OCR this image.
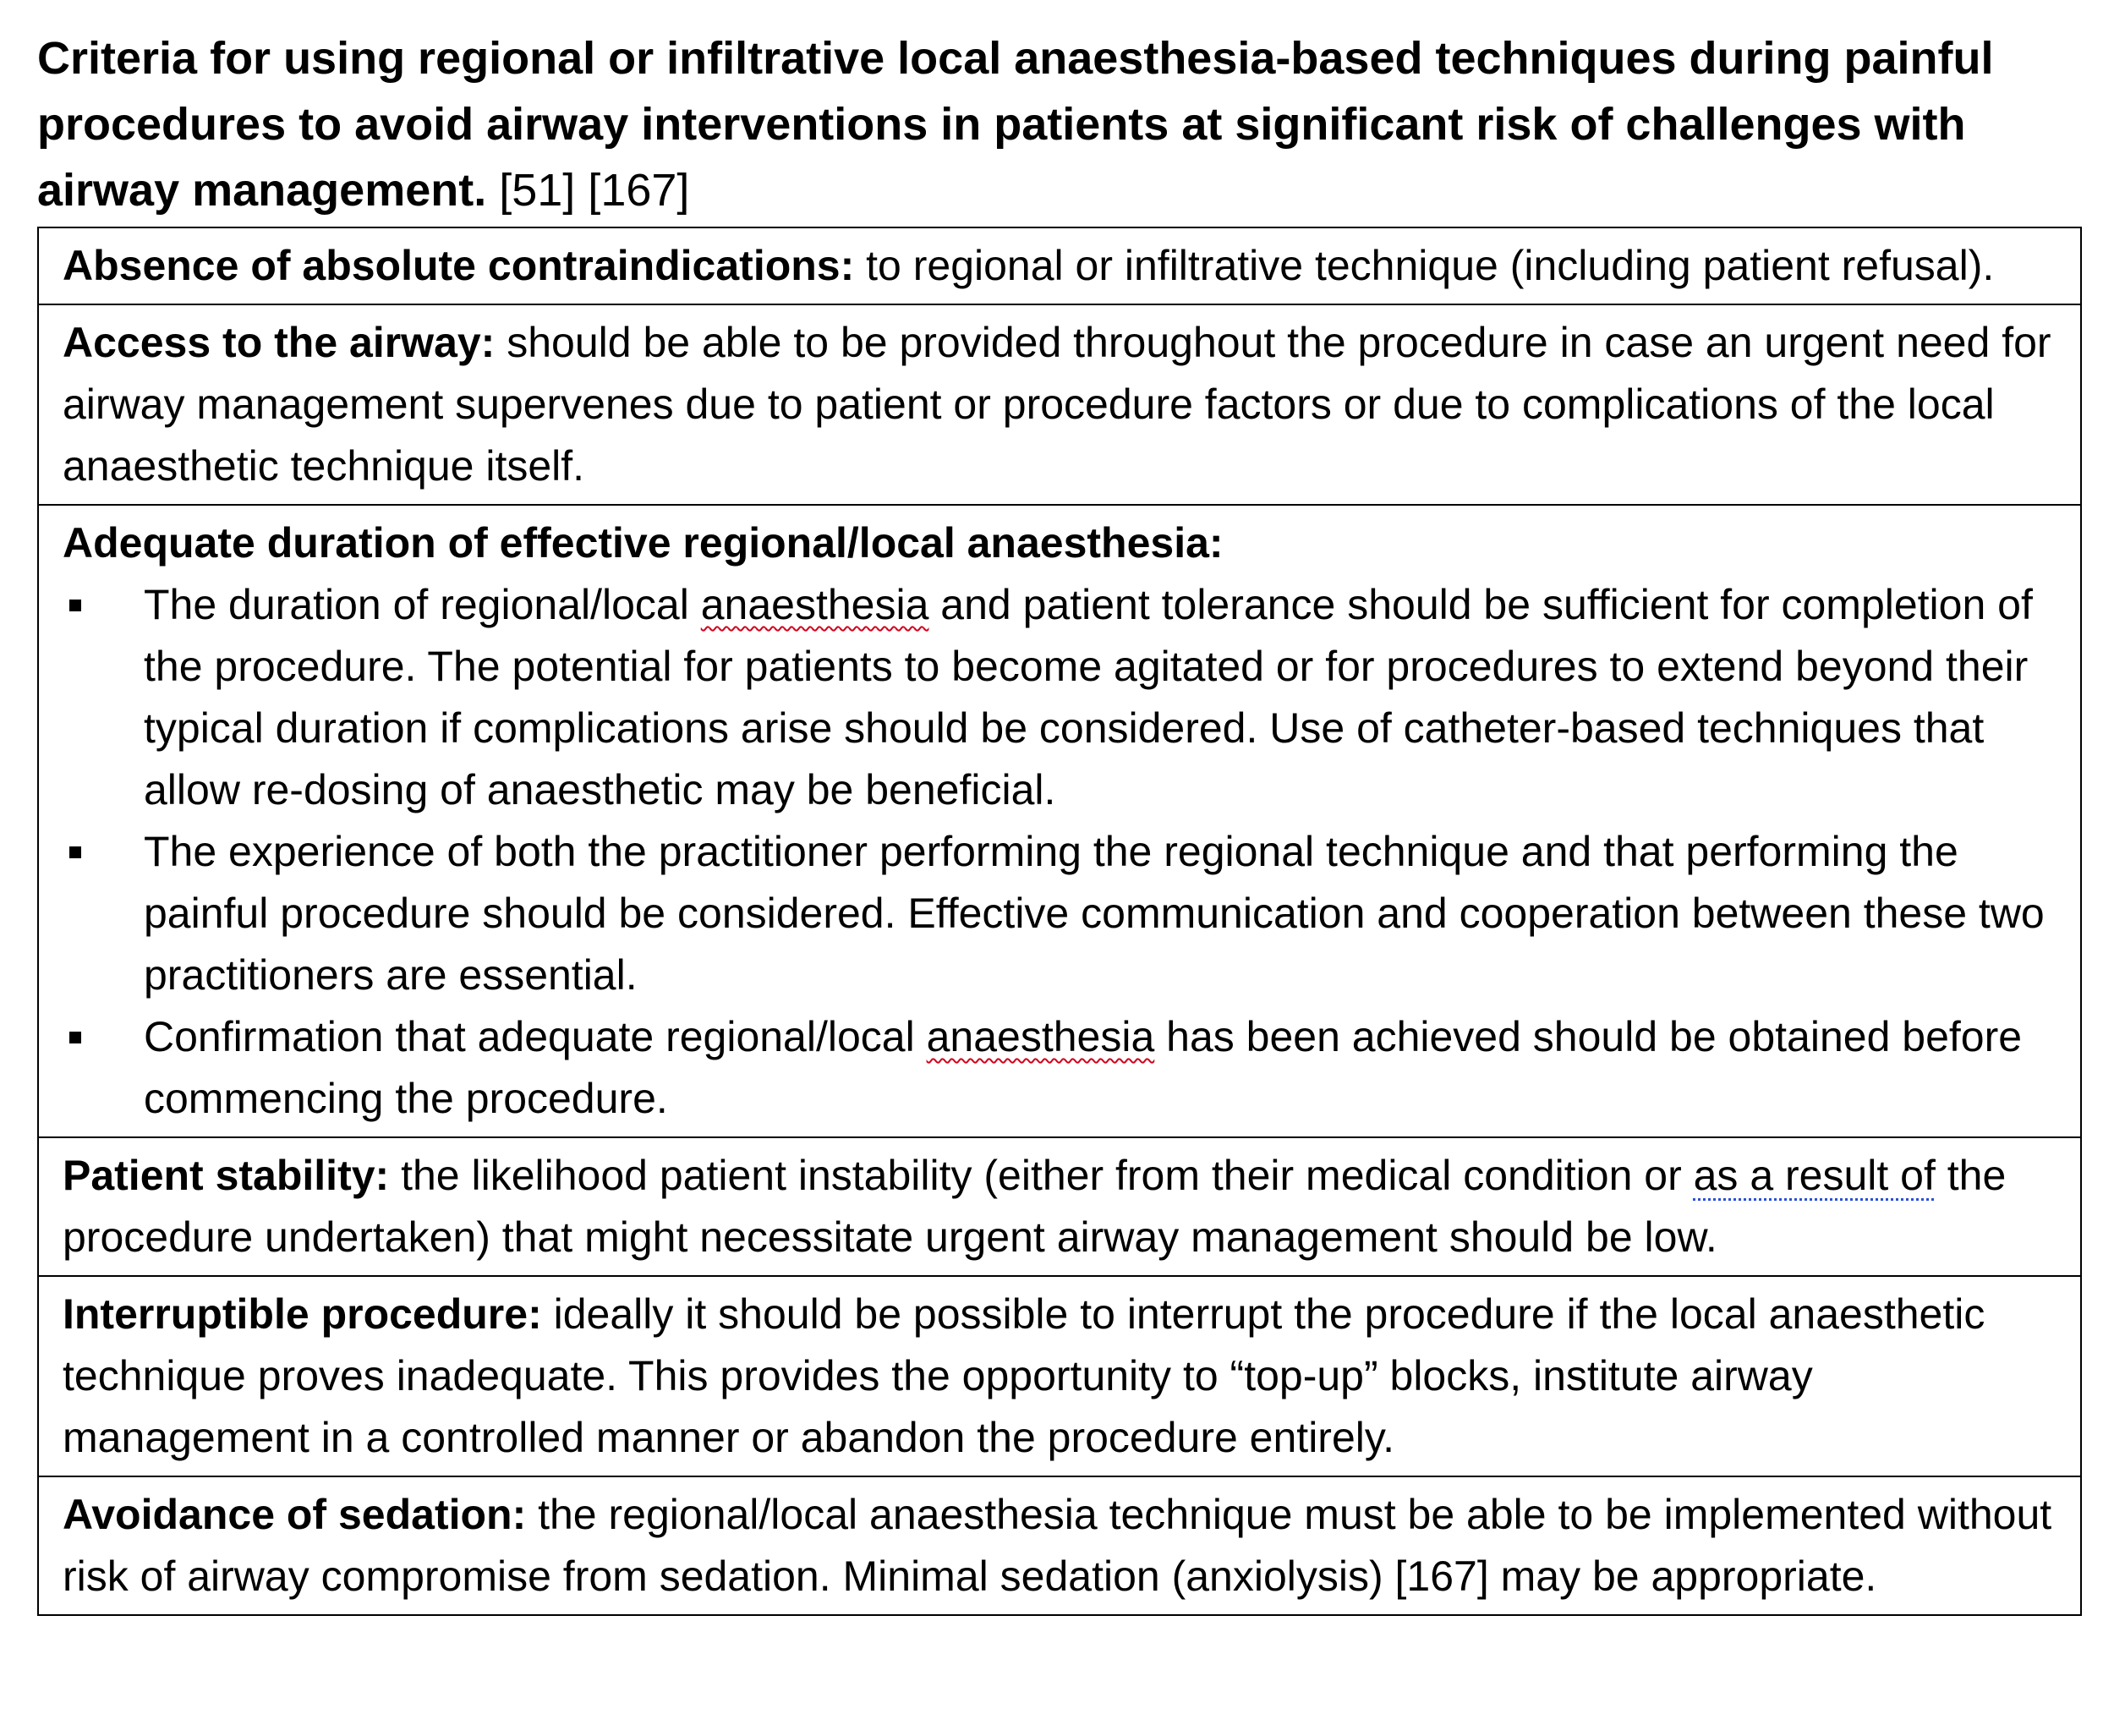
Criteria for using regional or infiltrative local anaesthesia-based techniques during painful procedures to avoid airway interventions in patients at significant risk of challenges with airway management. [51] [167]

Absence of absolute contraindications: to regional or infiltrative technique (including patient refusal).
Access to the airway: should be able to be provided throughout the procedure in case an urgent need for airway management supervenes due to patient or procedure factors or due to complications of the local anaesthetic technique itself.

Adequate duration of effective regional/local anaesthesia:
The duration of regional/local anaesthesia and patient tolerance should be sufficient for completion of the procedure. The potential for patients to become agitated or for procedures to extend beyond their typical duration if complications arise should be considered. Use of catheter-based techniques that allow re-dosing of anaesthetic may be beneficial.
The experience of both the practitioner performing the regional technique and that performing the painful procedure should be considered. Effective communication and cooperation between these two practitioners are essential.
Confirmation that adequate regional/local anaesthesia has been achieved should be obtained before commencing the procedure.

Patient stability: the likelihood patient instability (either from their medical condition or as a result of the procedure undertaken) that might necessitate urgent airway management should be low.
Interruptible procedure: ideally it should be possible to interrupt the procedure if the local anaesthetic technique proves inadequate. This provides the opportunity to “top-up” blocks, institute airway management in a controlled manner or abandon the procedure entirely.
Avoidance of sedation: the regional/local anaesthesia technique must be able to be implemented without risk of airway compromise from sedation. Minimal sedation (anxiolysis) [167] may be appropriate.
